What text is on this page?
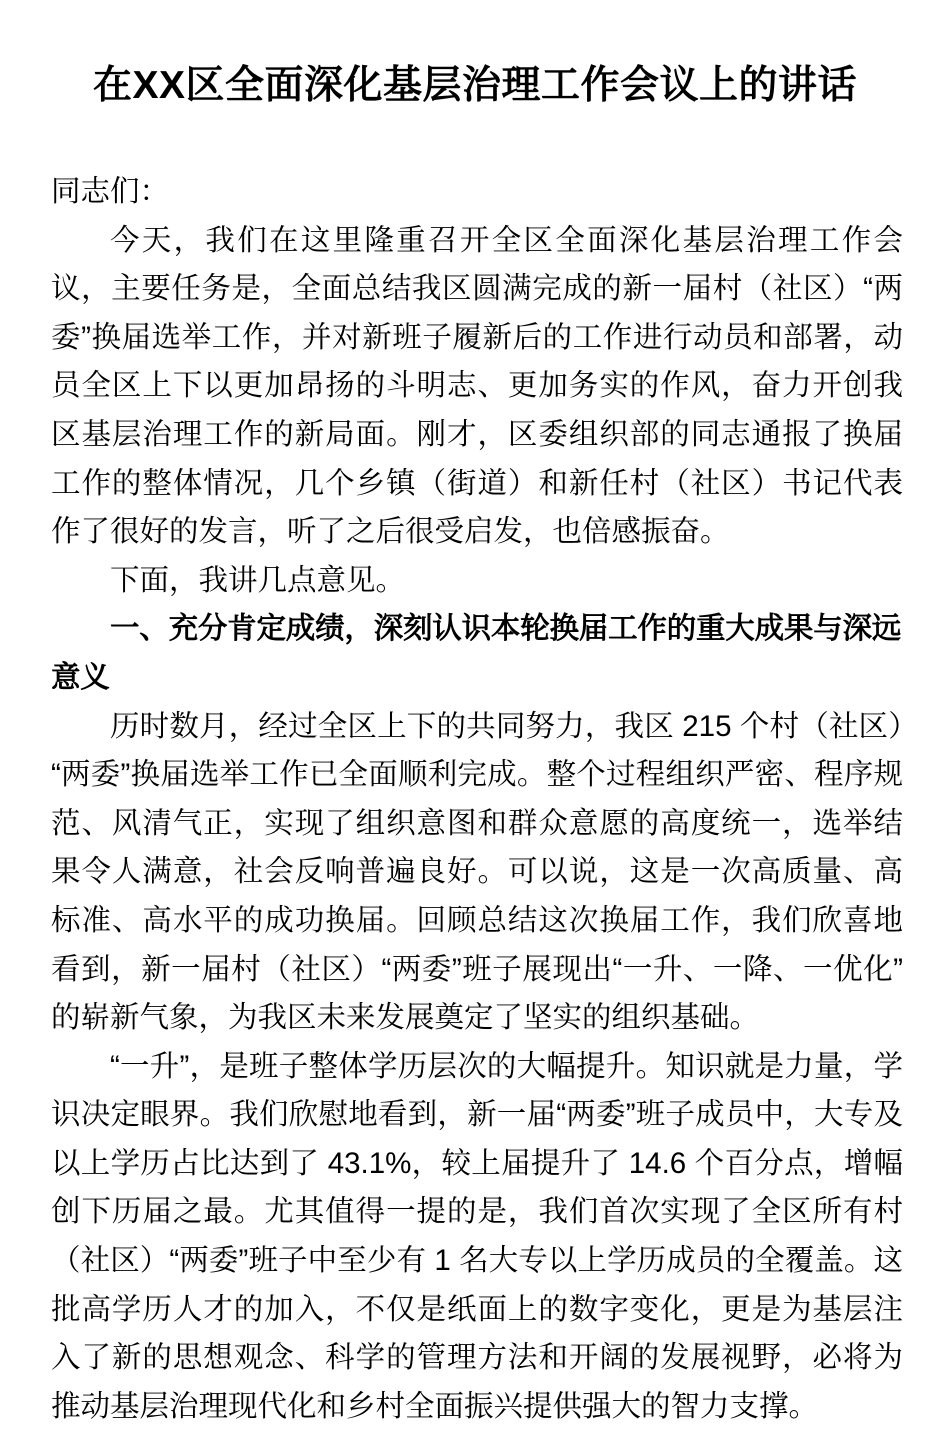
在XX区全面深化基层治理工作会议上的讲话

同志们：

今天，我们在这里隆重召开全区全面深化基层治理工作会议，主要任务是，全面总结我区圆满完成的新一届村（社区）“两委”换届选举工作，并对新班子履新后的工作进行动员和部署，动员全区上下以更加昂扬的斗明志、更加务实的作风，奋力开创我区基层治理工作的新局面。刚才，区委组织部的同志通报了换届工作的整体情况，几个乡镇（街道）和新任村（社区）书记代表作了很好的发言，听了之后很受启发，也倍感振奋。

下面，我讲几点意见。

一、充分肯定成绩，深刻认识本轮换届工作的重大成果与深远意义

历时数月，经过全区上下的共同努力，我区 215 个村（社区）“两委”换届选举工作已全面顺利完成。整个过程组织严密、程序规范、风清气正，实现了组织意图和群众意愿的高度统一，选举结果令人满意，社会反响普遍良好。可以说，这是一次高质量、高标准、高水平的成功换届。回顾总结这次换届工作，我们欣喜地看到，新一届村（社区）“两委”班子展现出“一升、一降、一优化”的崭新气象，为我区未来发展奠定了坚实的组织基础。

“一升”，是班子整体学历层次的大幅提升。知识就是力量，学识决定眼界。我们欣慰地看到，新一届“两委”班子成员中，大专及以上学历占比达到了 43.1%，较上届提升了 14.6 个百分点，增幅创下历届之最。尤其值得一提的是，我们首次实现了全区所有村（社区）“两委”班子中至少有 1 名大专以上学历成员的全覆盖。这批高学历人才的加入，不仅是纸面上的数字变化，更是为基层注入了新的思想观念、科学的管理方法和开阔的发展视野，必将为推动基层治理现代化和乡村全面振兴提供强大的智力支撑。
